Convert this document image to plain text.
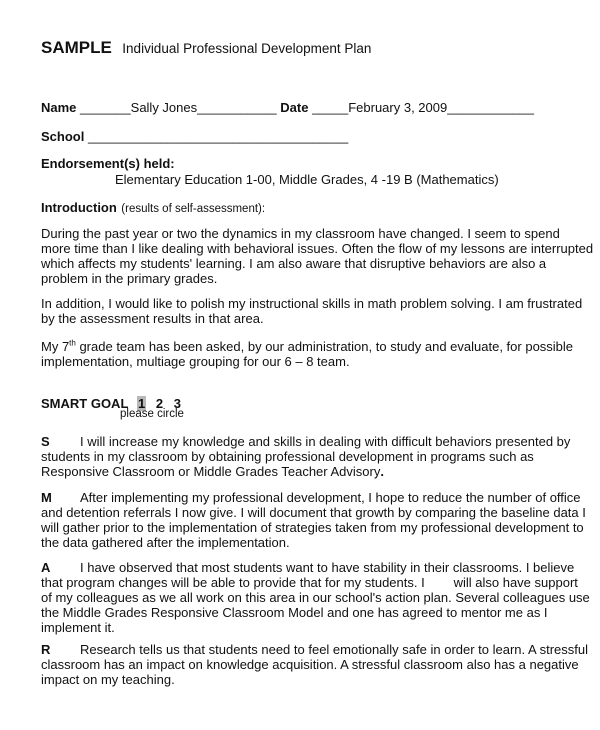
SAMPLE Individual Professional Development Plan
Name _______Sally Jones___________ Date _____February 3, 2009____________
School ____________________________________
Endorsement(s) held:
Elementary Education 1-00, Middle Grades, 4 -19 B (Mathematics)
Introduction (results of self-assessment):
During the past year or two the dynamics in my classroom have changed. I seem to spend
more time than I like dealing with behavioral issues. Often the flow of my lessons are interrupted
which affects my students' learning. I am also aware that disruptive behaviors are also a
problem in the primary grades.
In addition, I would like to polish my instructional skills in math problem solving. I am frustrated
by the assessment results in that area.
My 7th grade team has been asked, by our administration, to study and evaluate, for possible
implementation, multiage grouping for our 6 – 8 team.
SMART GOAL 1 2 3
please circle
S I will increase my knowledge and skills in dealing with difficult behaviors presented by
students in my classroom by obtaining professional development in programs such as
Responsive Classroom or Middle Grades Teacher Advisory.
M After implementing my professional development, I hope to reduce the number of office
and detention referrals I now give. I will document that growth by comparing the baseline data I
will gather prior to the implementation of strategies taken from my professional development to
the data gathered after the implementation.
A I have observed that most students want to have stability in their classrooms. I believe
that program changes will be able to provide that for my students. I        will also have support
of my colleagues as we all work on this area in our school's action plan. Several colleagues use
the Middle Grades Responsive Classroom Model and one has agreed to mentor me as I
implement it.
R Research tells us that students need to feel emotionally safe in order to learn. A stressful
classroom has an impact on knowledge acquisition. A stressful classroom also has a negative
impact on my teaching.
